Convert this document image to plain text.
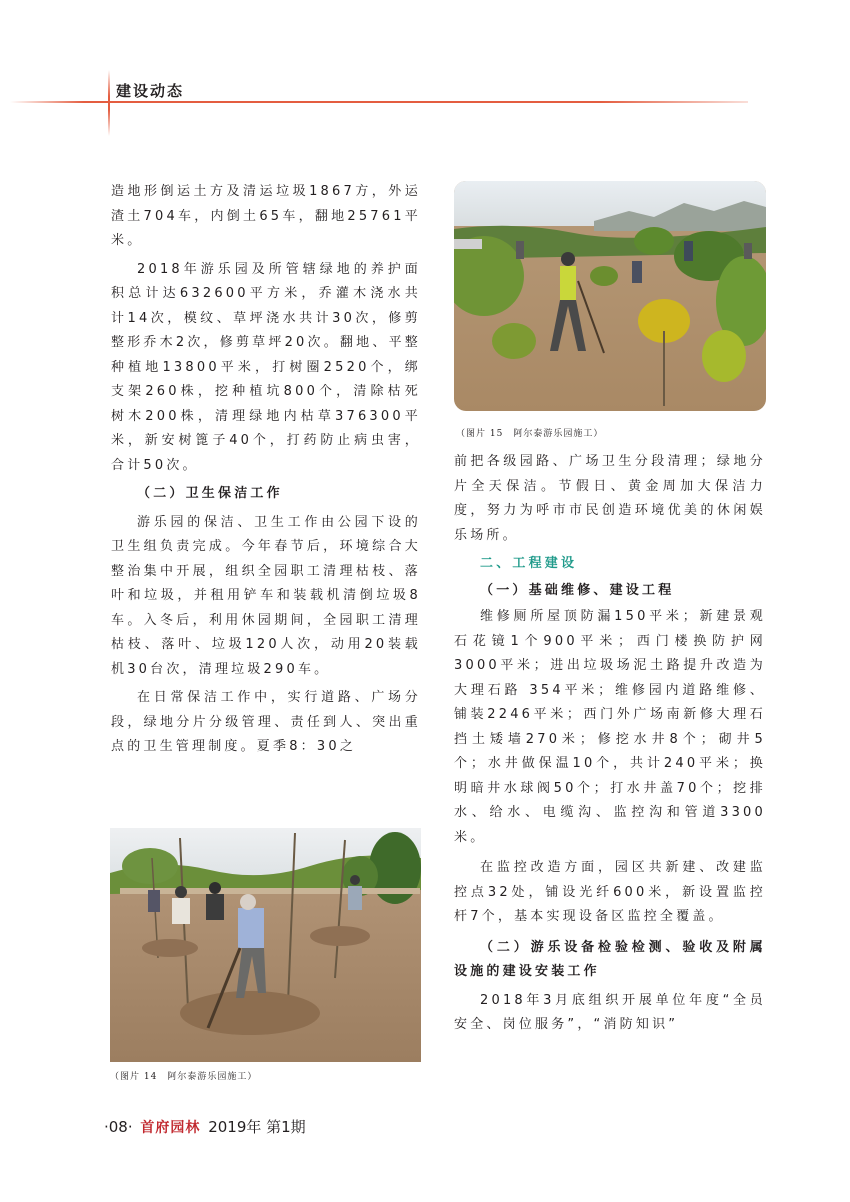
建设动态

造地形倒运土方及清运垃圾1867方，外运渣土704车，内倒土65车，翻地25761平米。

2018年游乐园及所管辖绿地的养护面积总计达632600平方米，乔灌木浇水共计14次，模纹、草坪浇水共计30次，修剪整形乔木2次，修剪草坪20次。翻地、平整种植地13800平米，打树圈2520个，绑支架260株，挖种植坑800个，清除枯死树木200株，清理绿地内枯草376300平米，新安树篦子40个，打药防止病虫害，合计50次。

（二）卫生保洁工作

游乐园的保洁、卫生工作由公园下设的卫生组负责完成。今年春节后，环境综合大整治集中开展，组织全园职工清理枯枝、落叶和垃圾，并租用铲车和装载机清倒垃圾8车。入冬后，利用休园期间，全园职工清理枯枝、落叶、垃圾120人次，动用20装载机30台次，清理垃圾290车。

在日常保洁工作中，实行道路、广场分段，绿地分片分级管理、责任到人、突出重点的卫生管理制度。夏季8：30之

（图片 15　阿尔泰游乐园施工）

前把各级园路、广场卫生分段清理；绿地分片全天保洁。节假日、黄金周加大保洁力度，努力为呼市市民创造环境优美的休闲娱乐场所。

二、工程建设

（一）基础维修、建设工程

维修厕所屋顶防漏150平米；新建景观石花镜1个900平米；西门楼换防护网 3000平米；进出垃圾场泥土路提升改造为大理石路 354平米；维修园内道路维修、铺装2246平米；西门外广场南新修大理石挡土矮墙270米；修挖水井8个；砌井5个；水井做保温10个，共计240平米；换明暗井水球阀50个；打水井盖70个；挖排水、给水、电缆沟、监控沟和管道3300米。

在监控改造方面，园区共新建、改建监控点32处，铺设光纤600米，新设置监控杆7个，基本实现设备区监控全覆盖。

（二）游乐设备检验检测、验收及附属设施的建设安装工作

2018年3月底组织开展单位年度“全员安全、岗位服务”，“消防知识”

（图片 14　阿尔泰游乐园施工）
·08· 首府园林 2019年 第1期
